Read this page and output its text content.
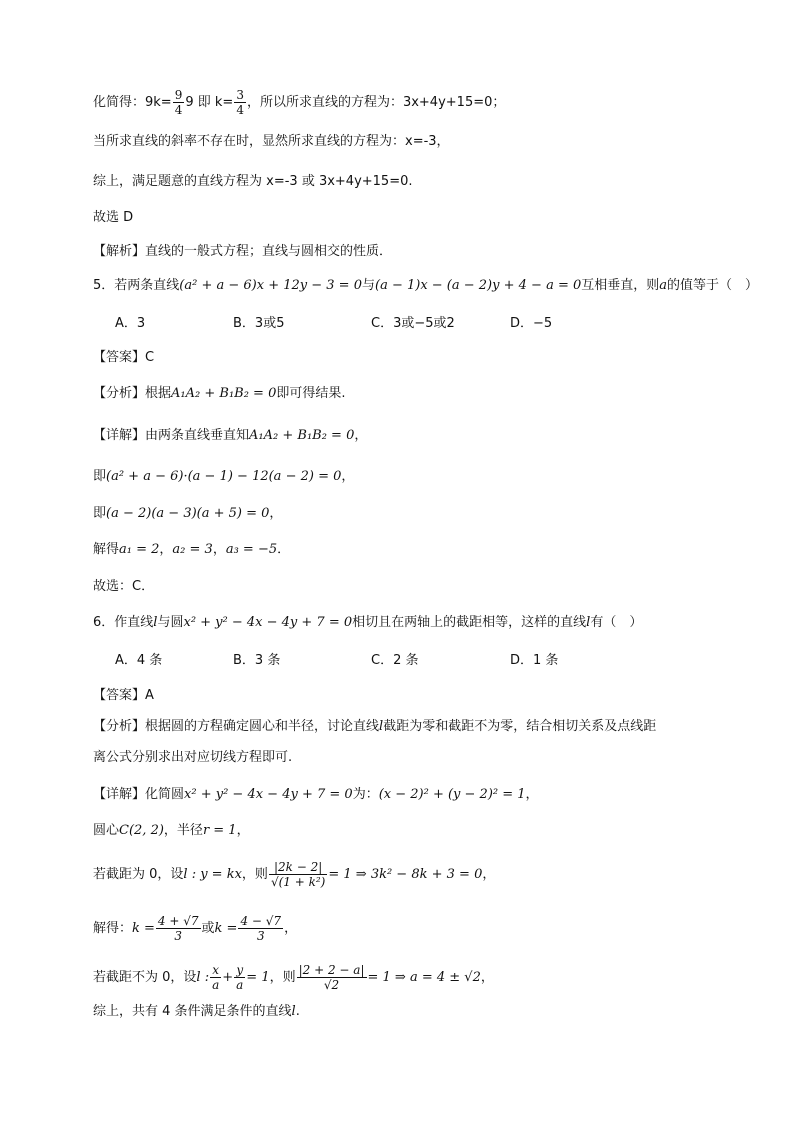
化简得：$9k= \frac{9}{4} 9$ 即 $k= \frac{3}{4}$ ，所以所求直线的方程为：3x+4y+15=0；
当所求直线的斜率不存在时，显然所求直线的方程为：x=-3，
综上，满足题意的直线方程为 x=-3 或 3x+4y+15=0.
故选 D
【解析】直线的一般式方程；直线与圆相交的性质．
5．若两条直线(a² + a − 6)x + 12y − 3 = 0与(a − 1)x − (a − 2)y + 4 − a = 0互相垂直，则a的值等于（　）
A．3	B．3或5	C．3或−5或2	D．−5
【答案】C
【分析】根据A₁A₂ + B₁B₂ = 0即可得结果.
【详解】由两条直线垂直知A₁A₂ + B₁B₂ = 0，
即(a² + a − 6)·(a − 1) − 12(a − 2) = 0，
即(a − 2)(a − 3)(a + 5) = 0，
解得a₁ = 2，a₂ = 3，a₃ = −5．
故选：C．
6．作直线l与圆x² + y² − 4x − 4y + 7 = 0相切且在两轴上的截距相等，这样的直线l有（　）
A．4 条	B．3 条	C．2 条	D．1 条
【答案】A
【分析】根据圆的方程确定圆心和半径，讨论直线l截距为零和截距不为零，结合相切关系及点线距
离公式分别求出对应切线方程即可.
【详解】化简圆x² + y² − 4x − 4y + 7 = 0为：(x − 2)² + (y − 2)² = 1，
圆心C(2, 2)，半径r = 1，
若截距为 0，设l : y = kx，则 $\frac{|2k - 2|}{\text{√(1 + k²)}} = 1$ ⇒ 3k² − 8k + 3 = 0，
解得：$k = \frac{4 + √7}{3}$ 或$k = \frac{4 - √7}{3}$ ，
若截距不为 0，设l : $\frac{x}{a} + \frac{y}{a} = 1$，则 $\frac{|2 + 2 - a|}{√2} = 1$ ⇒ a = 4 ± √2，
综上，共有 4 条件满足条件的直线l.
